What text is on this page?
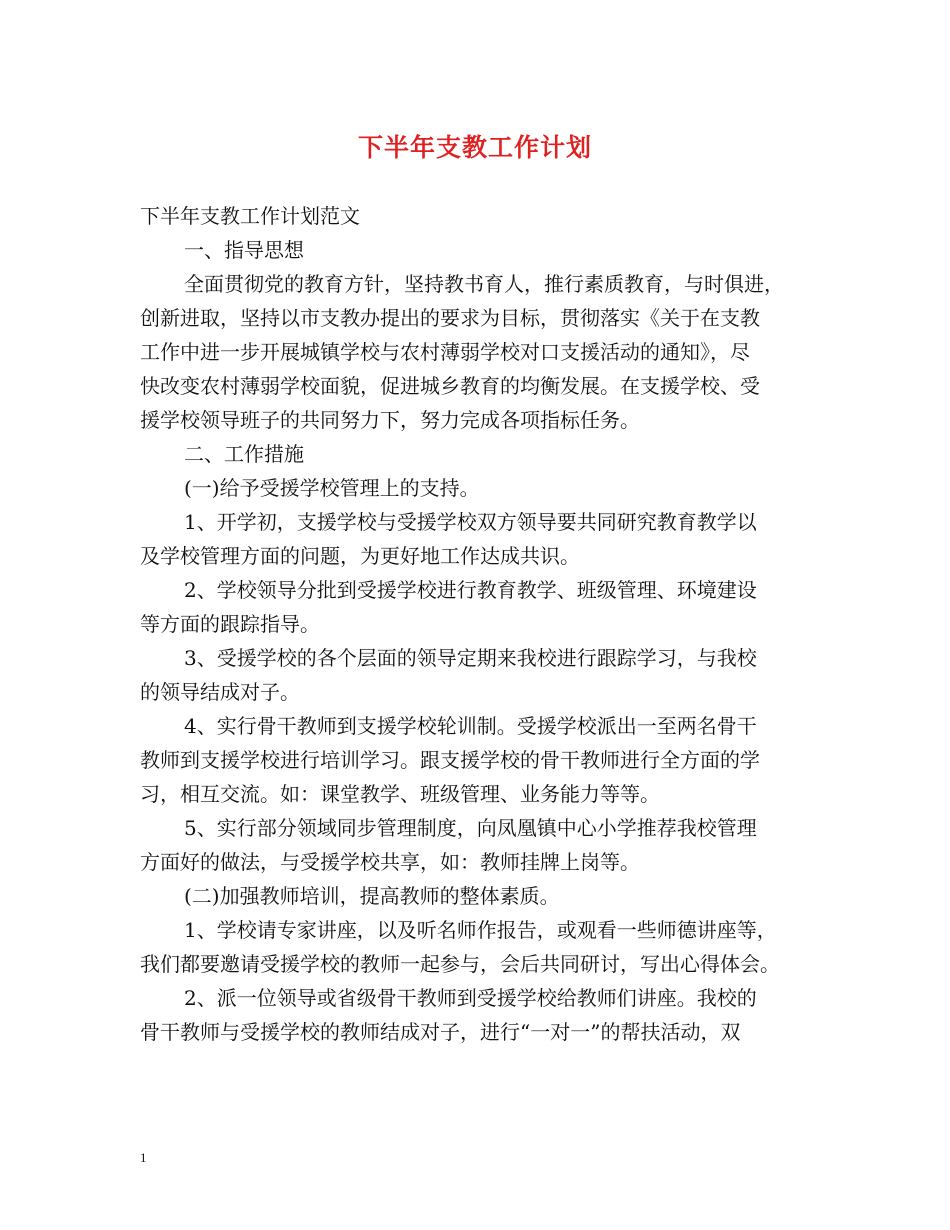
下半年支教工作计划

下半年支教工作计划范文

一、指导思想

全面贯彻党的教育方针，坚持教书育人，推行素质教育，与时俱进，

创新进取，坚持以市支教办提出的要求为目标，贯彻落实《关于在支教

工作中进一步开展城镇学校与农村薄弱学校对口支援活动的通知》，尽

快改变农村薄弱学校面貌，促进城乡教育的均衡发展。在支援学校、受

援学校领导班子的共同努力下，努力完成各项指标任务。

二、工作措施

(一)给予受援学校管理上的支持。

1、开学初，支援学校与受援学校双方领导要共同研究教育教学以

及学校管理方面的问题，为更好地工作达成共识。

2、学校领导分批到受援学校进行教育教学、班级管理、环境建设

等方面的跟踪指导。

3、受援学校的各个层面的领导定期来我校进行跟踪学习，与我校

的领导结成对子。

4、实行骨干教师到支援学校轮训制。受援学校派出一至两名骨干

教师到支援学校进行培训学习。跟支援学校的骨干教师进行全方面的学

习，相互交流。如：课堂教学、班级管理、业务能力等等。

5、实行部分领域同步管理制度，向凤凰镇中心小学推荐我校管理

方面好的做法，与受援学校共享，如：教师挂牌上岗等。

(二)加强教师培训，提高教师的整体素质。

1、学校请专家讲座，以及听名师作报告，或观看一些师德讲座等，

我们都要邀请受援学校的教师一起参与，会后共同研讨，写出心得体会。

2、派一位领导或省级骨干教师到受援学校给教师们讲座。我校的

骨干教师与受援学校的教师结成对子，进行“一对一”的帮扶活动，双

1
